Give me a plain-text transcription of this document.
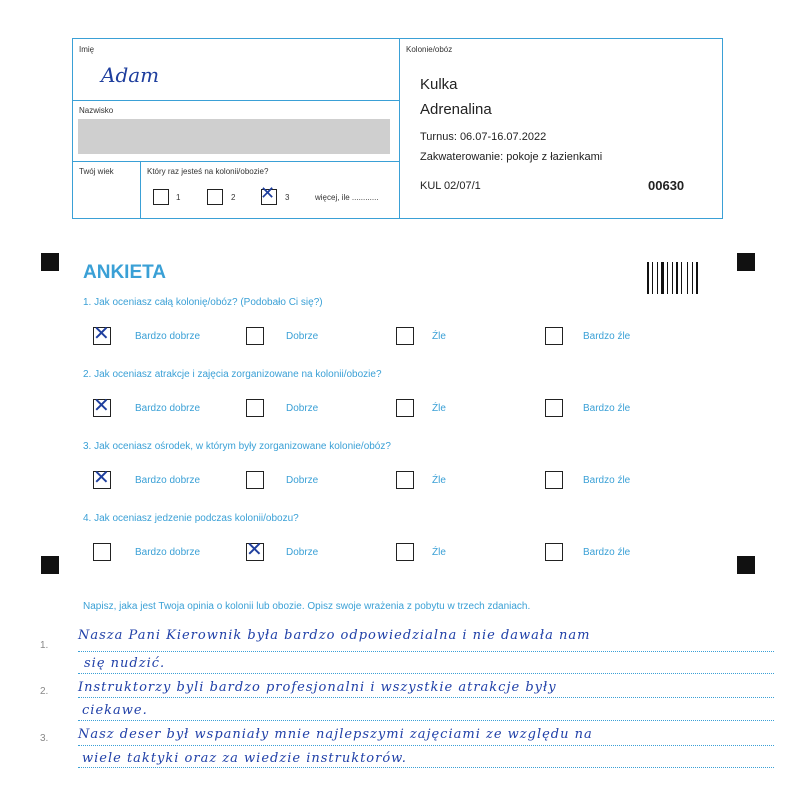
Imię
Adam
Nazwisko
Twój wiek	Który raz jesteś na kolonii/obozie?
1	2 ✕ 3	więcej, ile ............
Kolonie/obóz
Kulka
Adrenalina
Turnus: 06.07-16.07.2022
Zakwaterowanie: pokoje z łazienkami
KUL 02/07/1	00630
ANKIETA
1. Jak oceniasz całą kolonię/obóz? (Podobało Ci się?)
✕	Bardzo dobrze	Dobrze	Źle	Bardzo źle
2. Jak oceniasz atrakcje i zajęcia zorganizowane na kolonii/obozie?
✕	Bardzo dobrze	Dobrze	Źle	Bardzo źle
3. Jak oceniasz ośrodek, w którym były zorganizowane kolonie/obóz?
✕	Bardzo dobrze	Dobrze	Źle	Bardzo źle
4. Jak oceniasz jedzenie podczas kolonii/obozu?
Bardzo dobrze ✕ Dobrze	Źle	Bardzo źle
Napisz, jaka jest Twoja opinia o kolonii lub obozie. Opisz swoje wrażenia z pobytu w trzech zdaniach.
1.
2.
3.
Nasza Pani Kierownik była bardzo odpowiedzialna i nie dawała nam
się nudzić.
Instruktorzy byli bardzo profesjonalni i wszystkie atrakcje były
ciekawe.
Nasz deser był wspaniały mnie najlepszymi zajęciami ze względu na
wiele taktyki oraz za wiedzie instruktorów.
